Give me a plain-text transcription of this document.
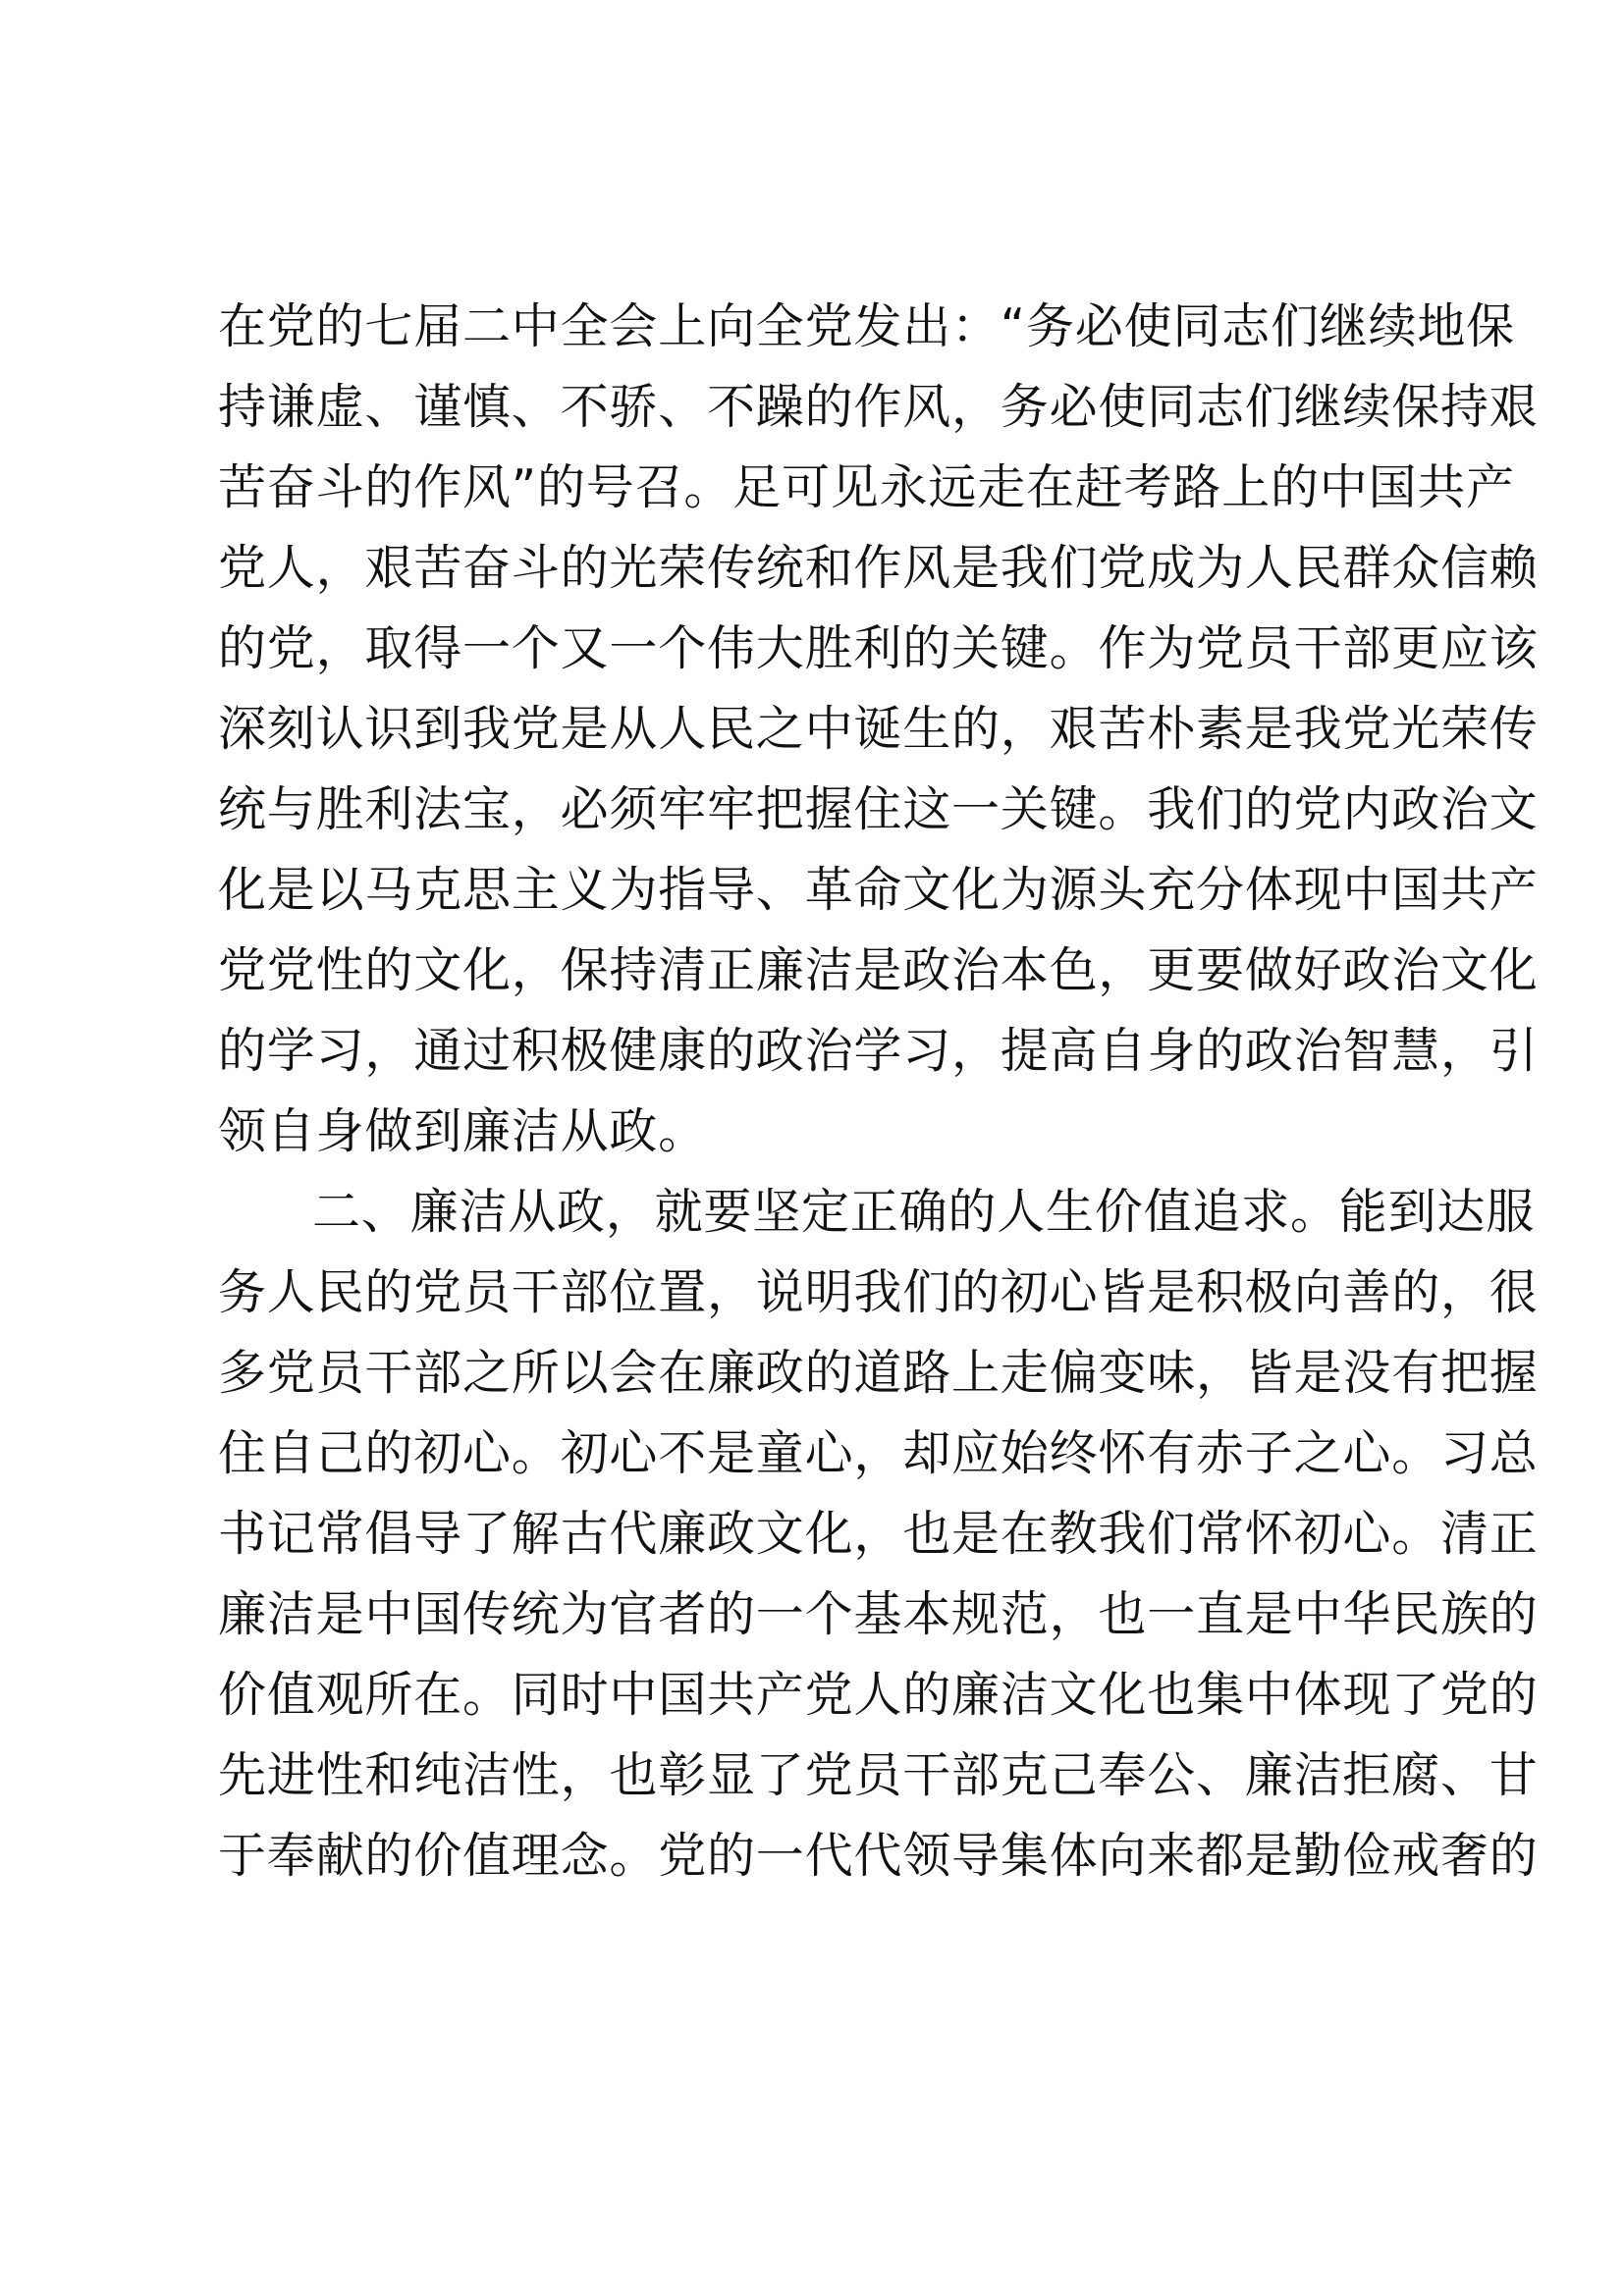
在党的七届二中全会上向全党发出：“务必使同志们继续地保
持谦虚、谨慎、不骄、不躁的作风，务必使同志们继续保持艰
苦奋斗的作风”的号召。足可见永远走在赶考路上的中国共产
党人，艰苦奋斗的光荣传统和作风是我们党成为人民群众信赖
的党，取得一个又一个伟大胜利的关键。作为党员干部更应该
深刻认识到我党是从人民之中诞生的，艰苦朴素是我党光荣传
统与胜利法宝，必须牢牢把握住这一关键。我们的党内政治文
化是以马克思主义为指导、革命文化为源头充分体现中国共产
党党性的文化，保持清正廉洁是政治本色，更要做好政治文化
的学习，通过积极健康的政治学习，提高自身的政治智慧，引
领自身做到廉洁从政。
二、廉洁从政，就要坚定正确的人生价值追求。能到达服
务人民的党员干部位置，说明我们的初心皆是积极向善的，很
多党员干部之所以会在廉政的道路上走偏变味，皆是没有把握
住自己的初心。初心不是童心，却应始终怀有赤子之心。习总
书记常倡导了解古代廉政文化，也是在教我们常怀初心。清正
廉洁是中国传统为官者的一个基本规范，也一直是中华民族的
价值观所在。同时中国共产党人的廉洁文化也集中体现了党的
先进性和纯洁性，也彰显了党员干部克己奉公、廉洁拒腐、甘
于奉献的价值理念。党的一代代领导集体向来都是勤俭戒奢的
